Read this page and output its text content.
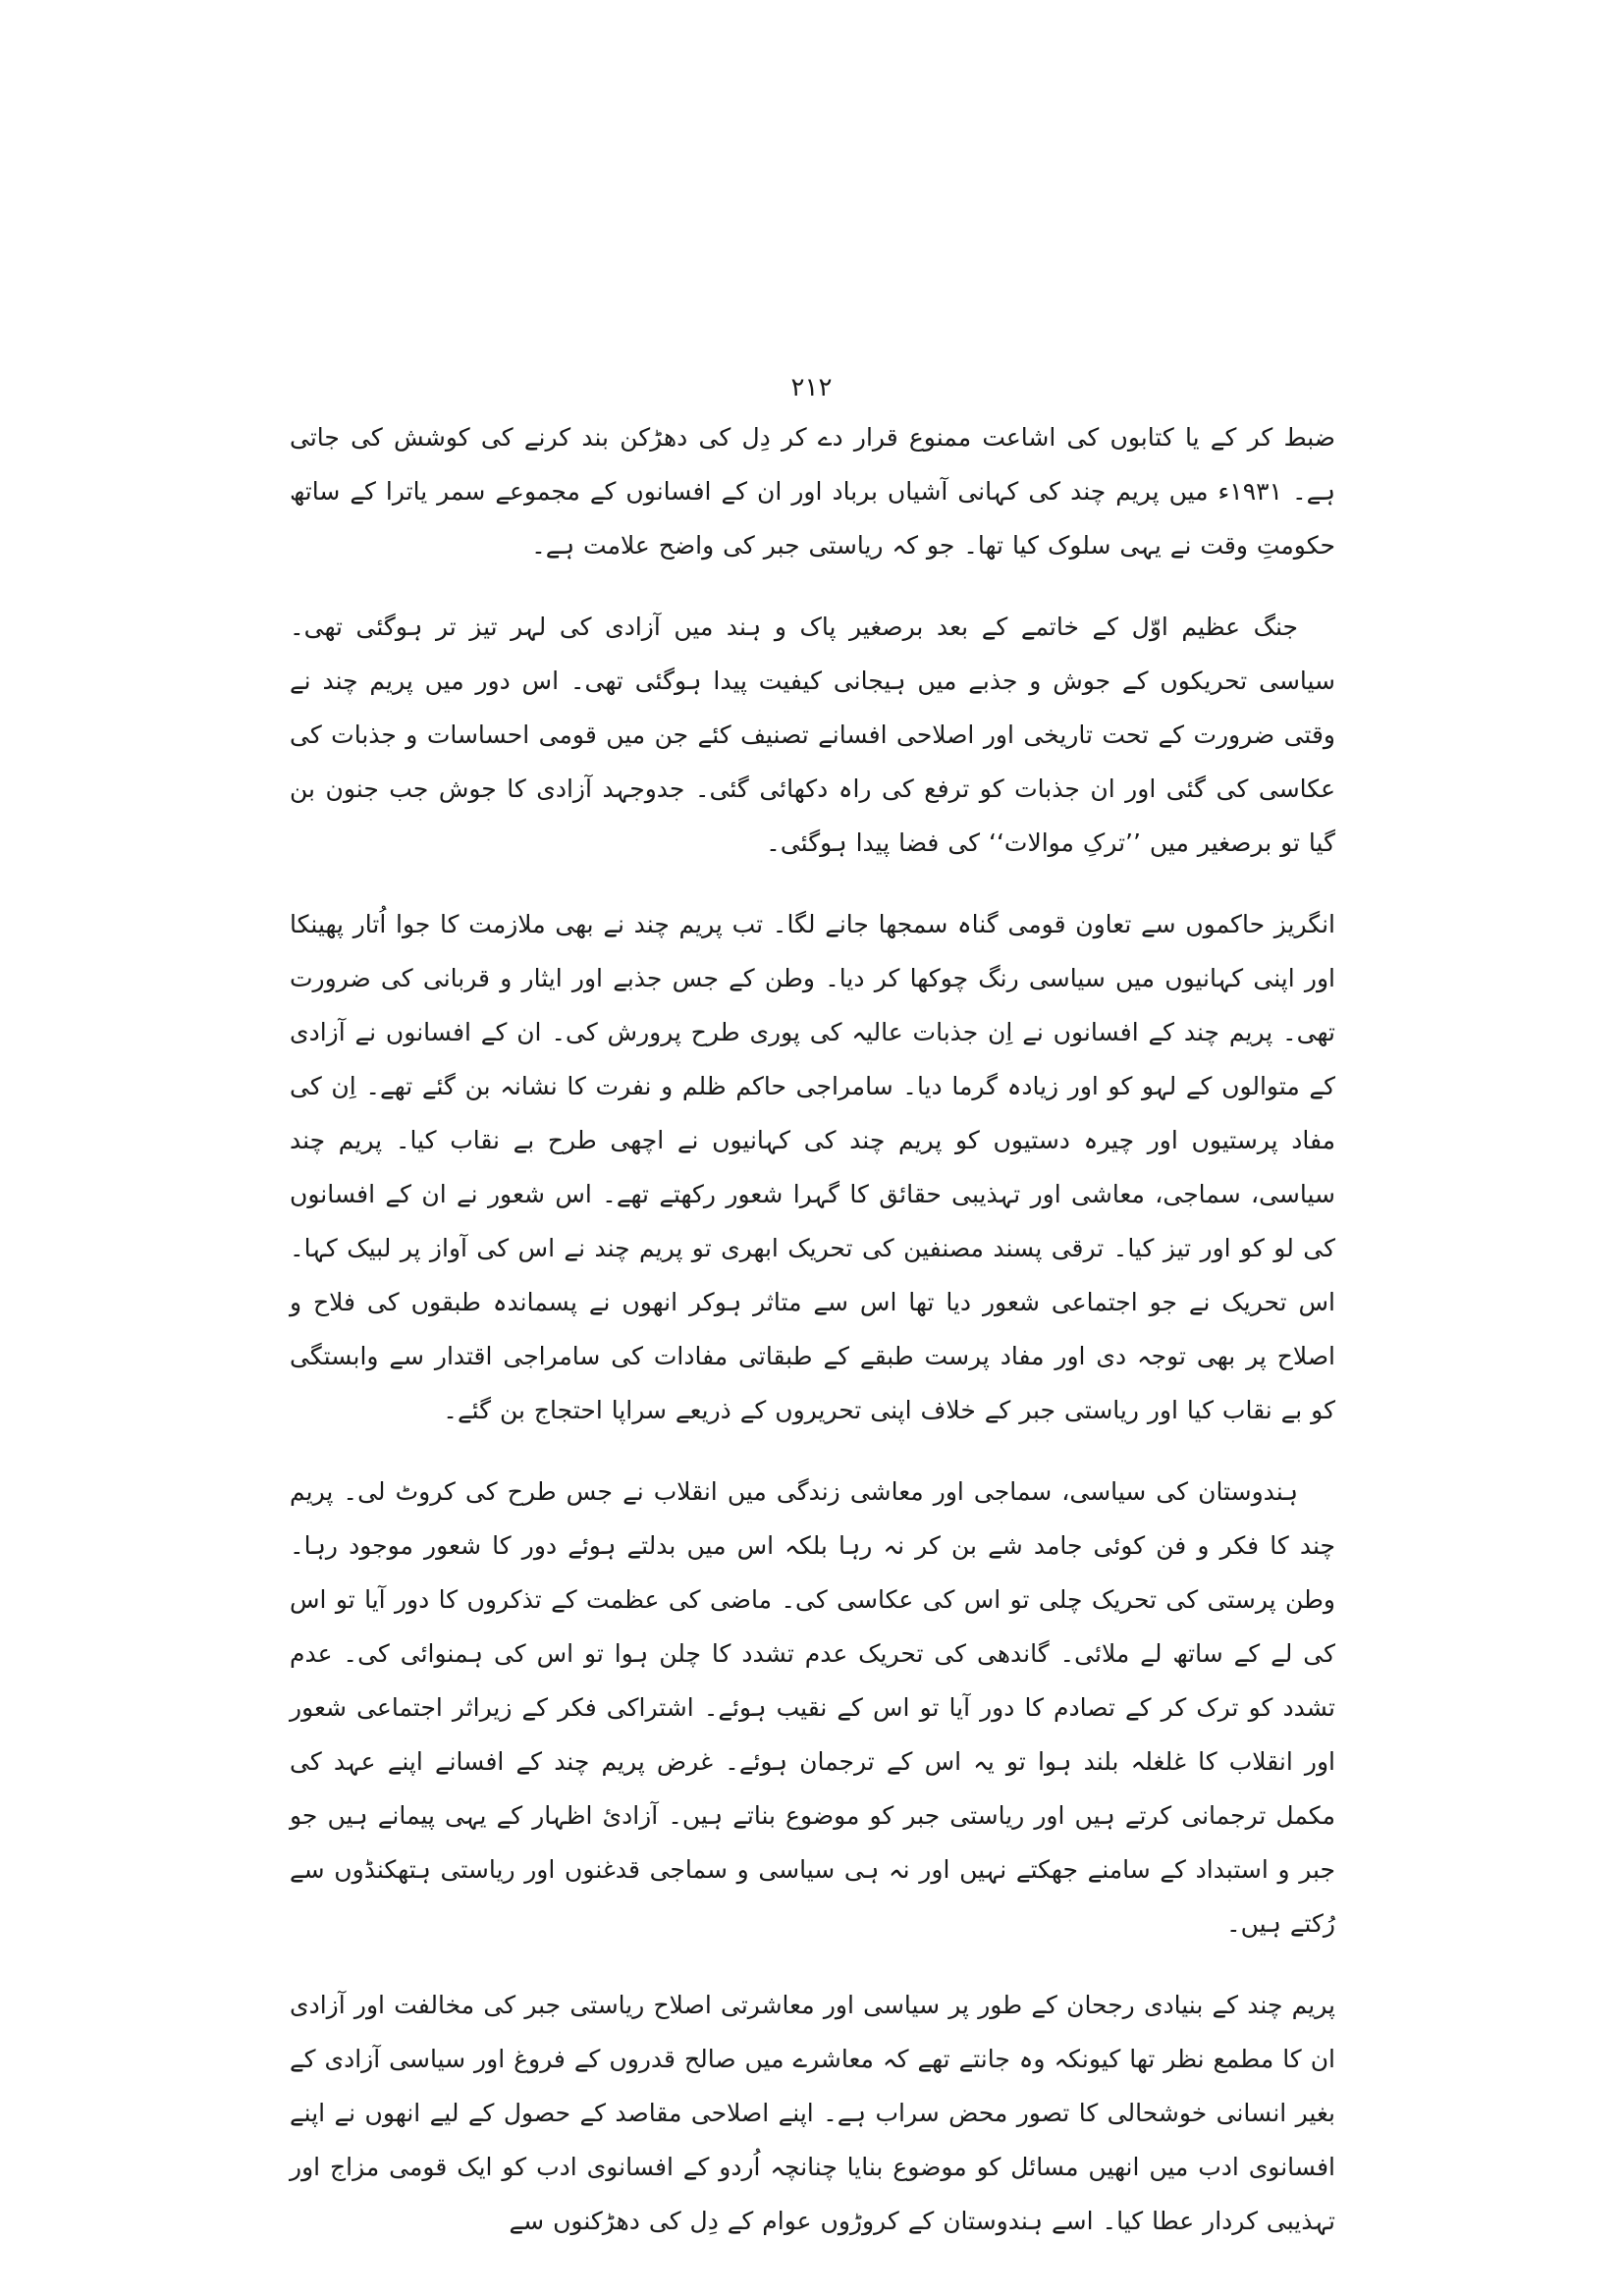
۲۱۲

ضبط کر کے یا کتابوں کی اشاعت ممنوع قرار دے کر دِل کی دھڑکن بند کرنے کی کوشش کی جاتی ہے۔ ۱۹۳۱ء میں پریم چند کی کہانی آشیاں برباد اور ان کے افسانوں کے مجموعے سمر یاترا کے ساتھ حکومتِ وقت نے یہی سلوک کیا تھا۔ جو کہ ریاستی جبر کی واضح علامت ہے۔

جنگ عظیم اوّل کے خاتمے کے بعد برصغیر پاک و ہند میں آزادی کی لہر تیز تر ہوگئی تھی۔ سیاسی تحریکوں کے جوش و جذبے میں ہیجانی کیفیت پیدا ہوگئی تھی۔ اس دور میں پریم چند نے وقتی ضرورت کے تحت تاریخی اور اصلاحی افسانے تصنیف کئے جن میں قومی احساسات و جذبات کی عکاسی کی گئی اور ان جذبات کو ترفع کی راہ دکھائی گئی۔ جدوجہد آزادی کا جوش جب جنون بن گیا تو برصغیر میں ’’ترکِ موالات‘‘ کی فضا پیدا ہوگئی۔

انگریز حاکموں سے تعاون قومی گناہ سمجھا جانے لگا۔ تب پریم چند نے بھی ملازمت کا جوا اُتار پھینکا اور اپنی کہانیوں میں سیاسی رنگ چوکھا کر دیا۔ وطن کے جس جذبے اور ایثار و قربانی کی ضرورت تھی۔ پریم چند کے افسانوں نے اِن جذبات عالیہ کی پوری طرح پرورش کی۔ ان کے افسانوں نے آزادی کے متوالوں کے لہو کو اور زیادہ گرما دیا۔ سامراجی حاکم ظلم و نفرت کا نشانہ بن گئے تھے۔ اِن کی مفاد پرستیوں اور چیرہ دستیوں کو پریم چند کی کہانیوں نے اچھی طرح بے نقاب کیا۔ پریم چند سیاسی، سماجی، معاشی اور تہذیبی حقائق کا گہرا شعور رکھتے تھے۔ اس شعور نے ان کے افسانوں کی لو کو اور تیز کیا۔ ترقی پسند مصنفین کی تحریک ابھری تو پریم چند نے اس کی آواز پر لبیک کہا۔ اس تحریک نے جو اجتماعی شعور دیا تھا اس سے متاثر ہوکر انھوں نے پسماندہ طبقوں کی فلاح و اصلاح پر بھی توجہ دی اور مفاد پرست طبقے کے طبقاتی مفادات کی سامراجی اقتدار سے وابستگی کو بے نقاب کیا اور ریاستی جبر کے خلاف اپنی تحریروں کے ذریعے سراپا احتجاج بن گئے۔

ہندوستان کی سیاسی، سماجی اور معاشی زندگی میں انقلاب نے جس طرح کی کروٹ لی۔ پریم چند کا فکر و فن کوئی جامد شے بن کر نہ رہا بلکہ اس میں بدلتے ہوئے دور کا شعور موجود رہا۔ وطن پرستی کی تحریک چلی تو اس کی عکاسی کی۔ ماضی کی عظمت کے تذکروں کا دور آیا تو اس کی لے کے ساتھ لے ملائی۔ گاندھی کی تحریک عدم تشدد کا چلن ہوا تو اس کی ہمنوائی کی۔ عدم تشدد کو ترک کر کے تصادم کا دور آیا تو اس کے نقیب ہوئے۔ اشتراکی فکر کے زیراثر اجتماعی شعور اور انقلاب کا غلغلہ بلند ہوا تو یہ اس کے ترجمان ہوئے۔ غرض پریم چند کے افسانے اپنے عہد کی مکمل ترجمانی کرتے ہیں اور ریاستی جبر کو موضوع بناتے ہیں۔ آزادیٔ اظہار کے یہی پیمانے ہیں جو جبر و استبداد کے سامنے جھکتے نہیں اور نہ ہی سیاسی و سماجی قدغنوں اور ریاستی ہتھکنڈوں سے رُکتے ہیں۔

پریم چند کے بنیادی رجحان کے طور پر سیاسی اور معاشرتی اصلاح ریاستی جبر کی مخالفت اور آزادی ان کا مطمع نظر تھا کیونکہ وہ جانتے تھے کہ معاشرے میں صالح قدروں کے فروغ اور سیاسی آزادی کے بغیر انسانی خوشحالی کا تصور محض سراب ہے۔ اپنے اصلاحی مقاصد کے حصول کے لیے انھوں نے اپنے افسانوی ادب میں انھیں مسائل کو موضوع بنایا چنانچہ اُردو کے افسانوی ادب کو ایک قومی مزاج اور تہذیبی کردار عطا کیا۔ اسے ہندوستان کے کروڑوں عوام کے دِل کی دھڑکنوں سے
